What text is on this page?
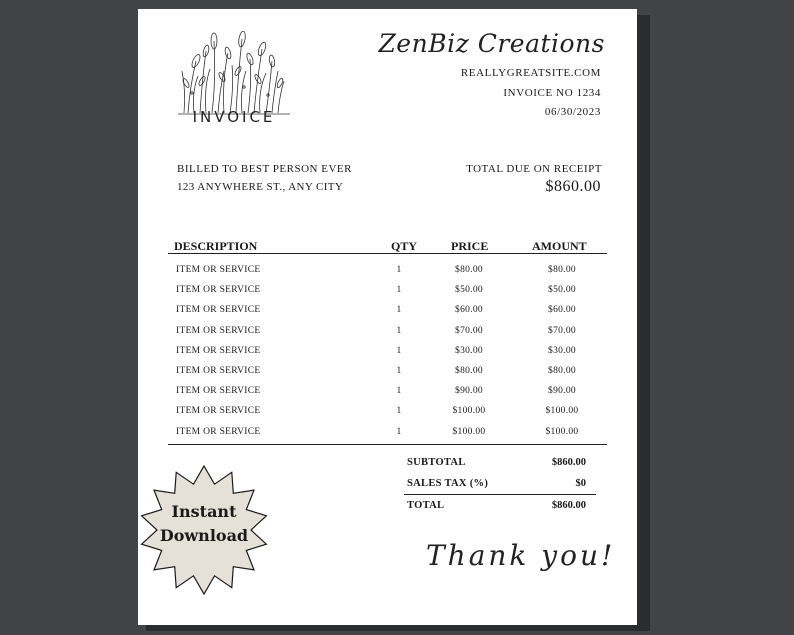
INVOICE
ZenBiz Creations
REALLYGREATSITE.COM
INVOICE NO 1234
06/30/2023
BILLED TO BEST PERSON EVER
123 ANYWHERE ST., ANY CITY
TOTAL DUE ON RECEIPT
$860.00
DESCRIPTION	QTY	PRICE	AMOUNT
ITEM OR SERVICE	1	$80.00	$80.00
ITEM OR SERVICE	1	$50.00	$50.00
ITEM OR SERVICE	1	$60.00	$60.00
ITEM OR SERVICE	1	$70.00	$70.00
ITEM OR SERVICE	1	$30.00	$30.00
ITEM OR SERVICE	1	$80.00	$80.00
ITEM OR SERVICE	1	$90.00	$90.00
ITEM OR SERVICE	1	$100.00	$100.00
ITEM OR SERVICE	1	$100.00	$100.00
SUBTOTAL	$860.00
SALES TAX (%)	$0
TOTAL	$860.00
Thank you!
Instant
Download
